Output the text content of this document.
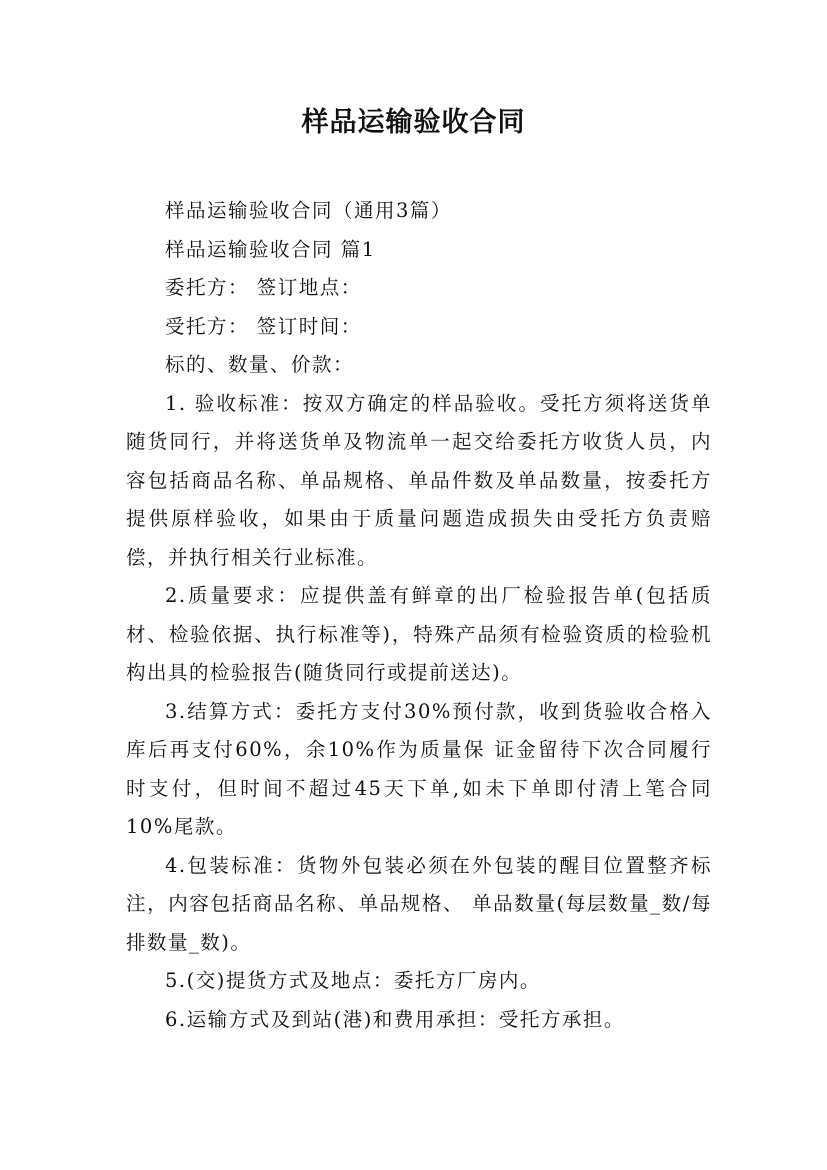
样品运输验收合同

样品运输验收合同（通用3篇）

样品运输验收合同 篇1

委托方： 签订地点：

受托方： 签订时间：

标的、数量、价款：

1. 验收标准：按双方确定的样品验收。受托方须将送货单随货同行，并将送货单及物流单一起交给委托方收货人员，内容包括商品名称、单品规格、单品件数及单品数量，按委托方提供原样验收，如果由于质量问题造成损失由受托方负责赔偿，并执行相关行业标准。

2.质量要求：应提供盖有鲜章的出厂检验报告单(包括质材、检验依据、执行标准等)，特殊产品须有检验资质的检验机构出具的检验报告(随货同行或提前送达)。

3.结算方式：委托方支付30%预付款，收到货验收合格入库后再支付60%，余10%作为质量保 证金留待下次合同履行时支付，但时间不超过45天下单,如未下单即付清上笔合同10%尾款。

4.包装标准：货物外包装必须在外包装的醒目位置整齐标注，内容包括商品名称、单品规格、 单品数量(每层数量_数/每排数量_数)。

5.(交)提货方式及地点：委托方厂房内。

6.运输方式及到站(港)和费用承担：受托方承担。
